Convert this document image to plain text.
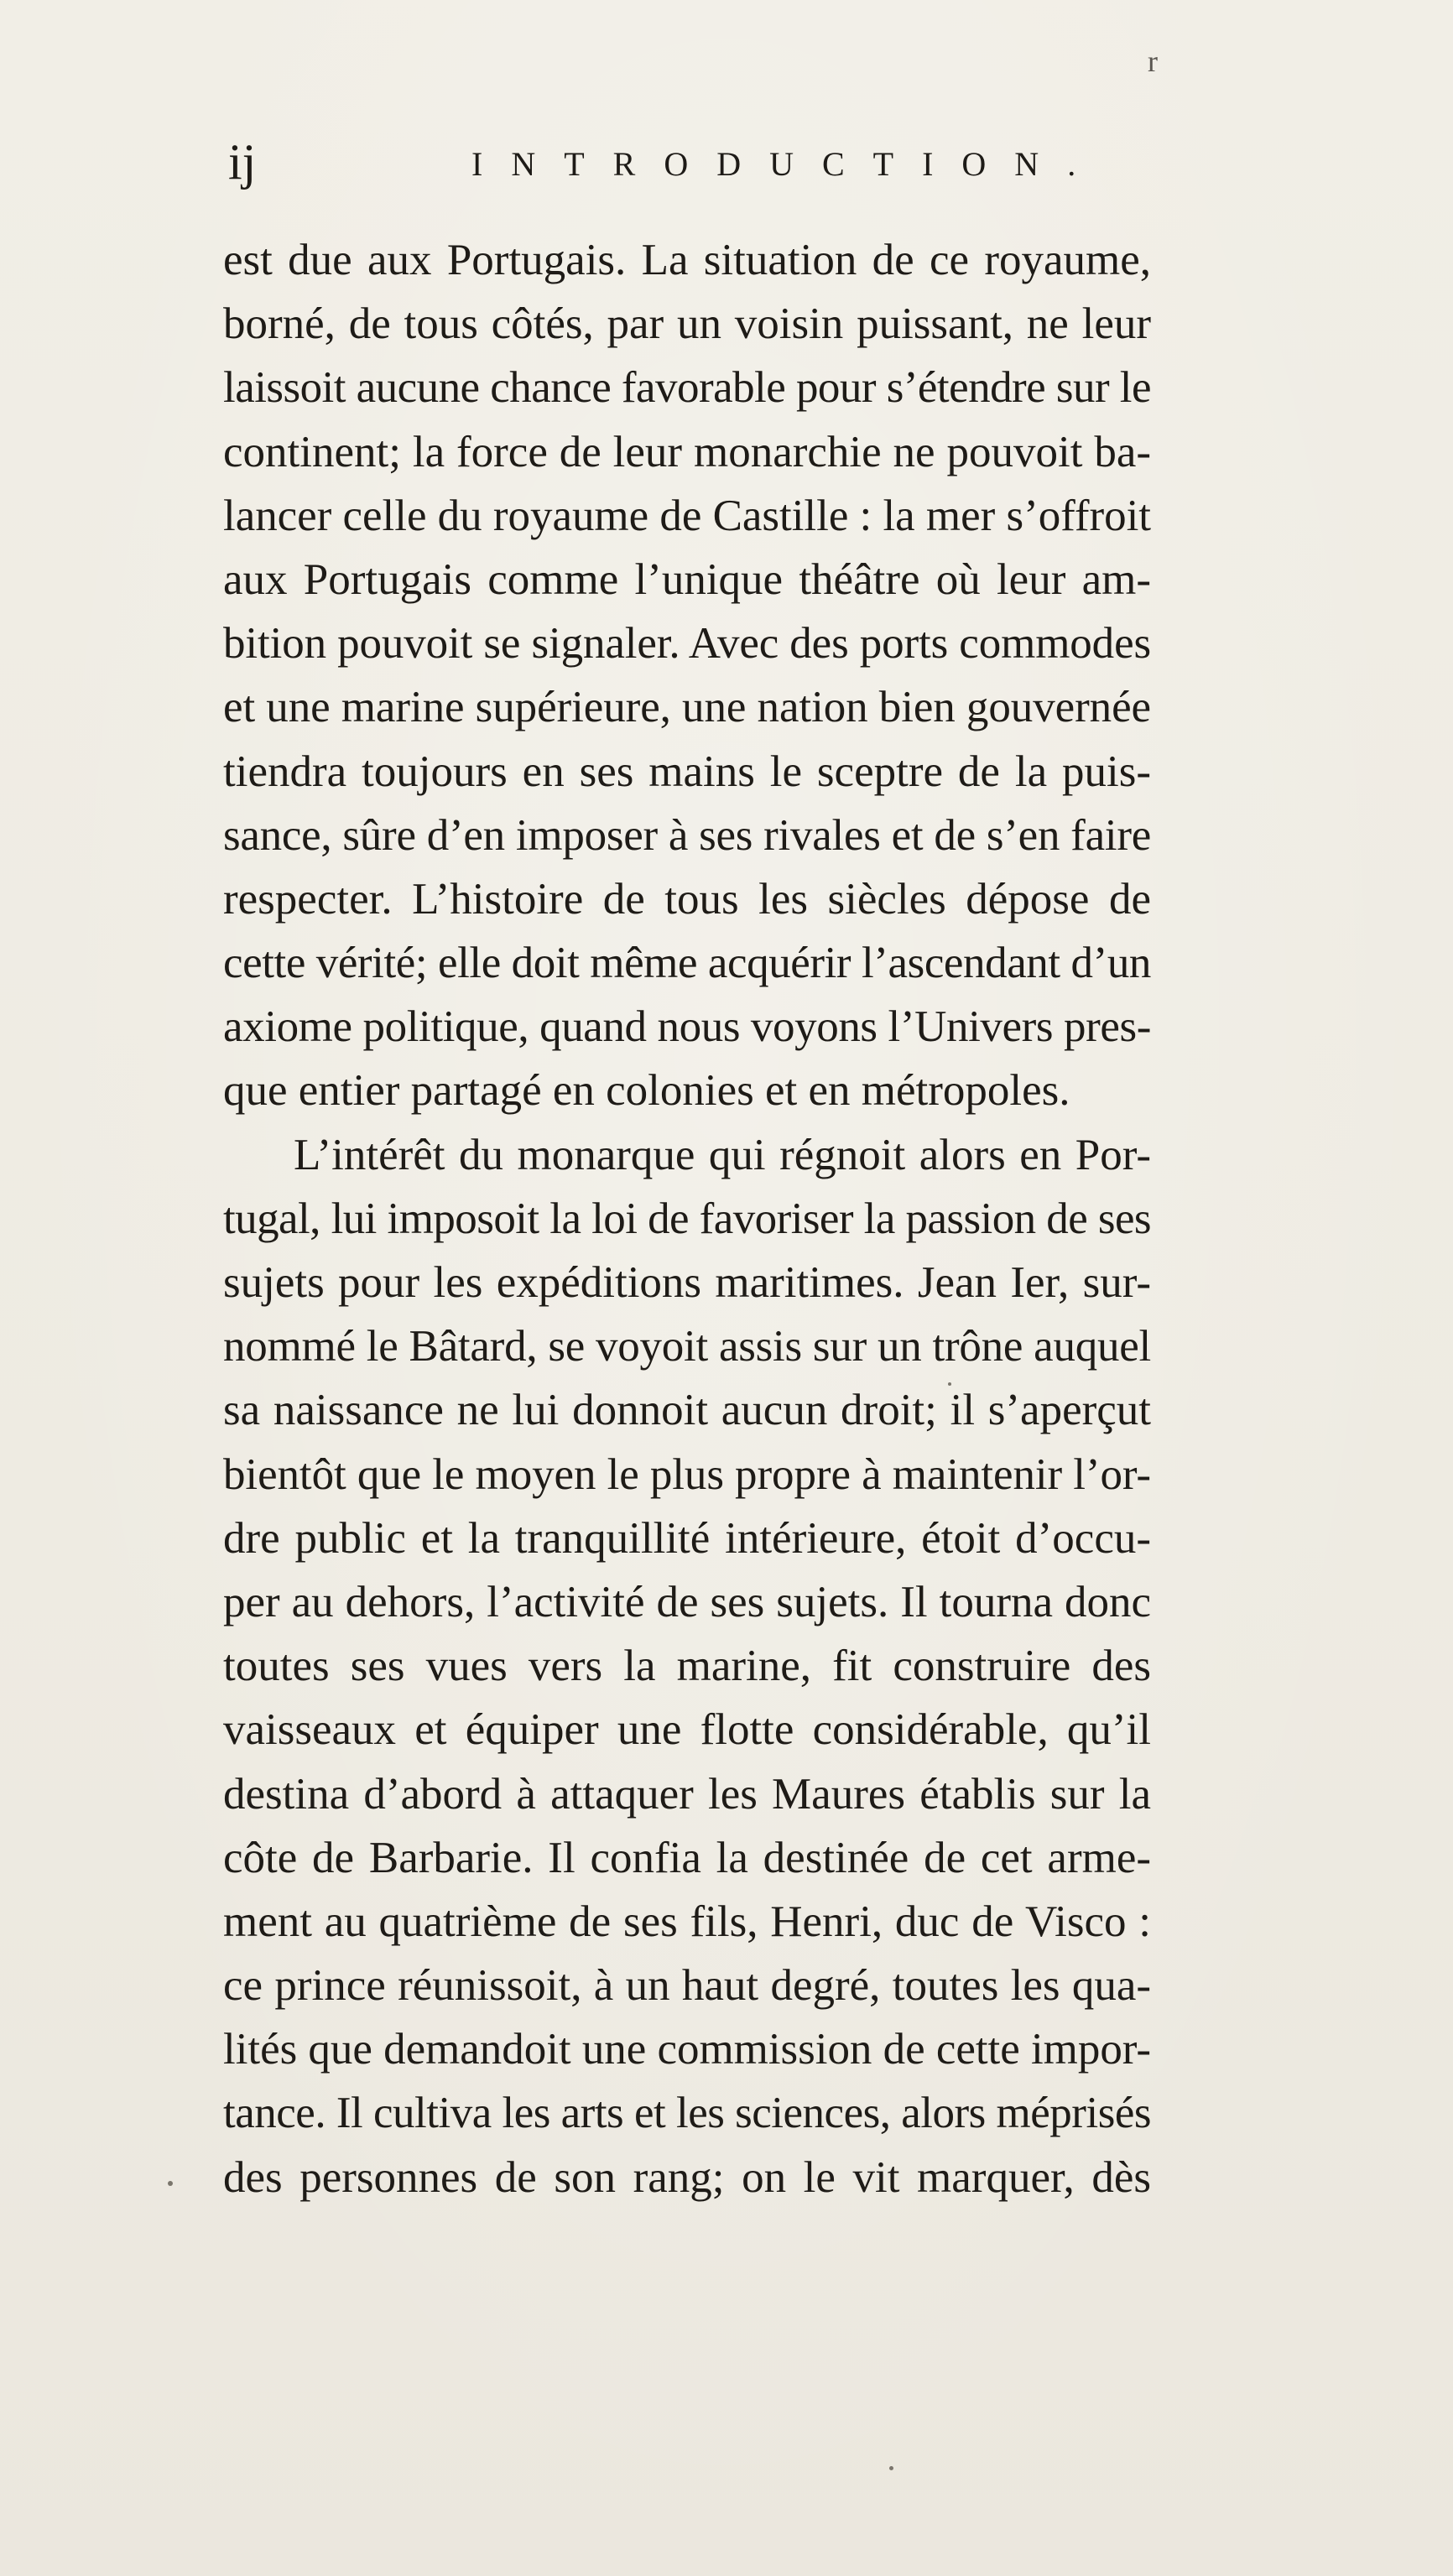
r
ij	INTRODUCTION.
est due aux Portugais. La situation de ce royaume,
borné, de tous côtés, par un voisin puissant, ne leur
laissoit aucune chance favorable pour s’étendre sur le
continent; la force de leur monarchie ne pouvoit ba-
lancer celle du royaume de Castille : la mer s’offroit
aux Portugais comme l’unique théâtre où leur am-
bition pouvoit se signaler. Avec des ports commodes
et une marine supérieure, une nation bien gouvernée
tiendra toujours en ses mains le sceptre de la puis-
sance, sûre d’en imposer à ses rivales et de s’en faire
respecter. L’histoire de tous les siècles dépose de
cette vérité; elle doit même acquérir l’ascendant d’un
axiome politique, quand nous voyons l’Univers pres-
que entier partagé en colonies et en métropoles.
L’intérêt du monarque qui régnoit alors en Por-
tugal, lui imposoit la loi de favoriser la passion de ses
sujets pour les expéditions maritimes. Jean Ier, sur-
nommé le Bâtard, se voyoit assis sur un trône auquel
sa naissance ne lui donnoit aucun droit; il s’aperçut
bientôt que le moyen le plus propre à maintenir l’or-
dre public et la tranquillité intérieure, étoit d’occu-
per au dehors, l’activité de ses sujets. Il tourna donc
toutes ses vues vers la marine, fit construire des
vaisseaux et équiper une flotte considérable, qu’il
destina d’abord à attaquer les Maures établis sur la
côte de Barbarie. Il confia la destinée de cet arme-
ment au quatrième de ses fils, Henri, duc de Visco :
ce prince réunissoit, à un haut degré, toutes les qua-
lités que demandoit une commission de cette impor-
tance. Il cultiva les arts et les sciences, alors méprisés
des personnes de son rang; on le vit marquer, dès
